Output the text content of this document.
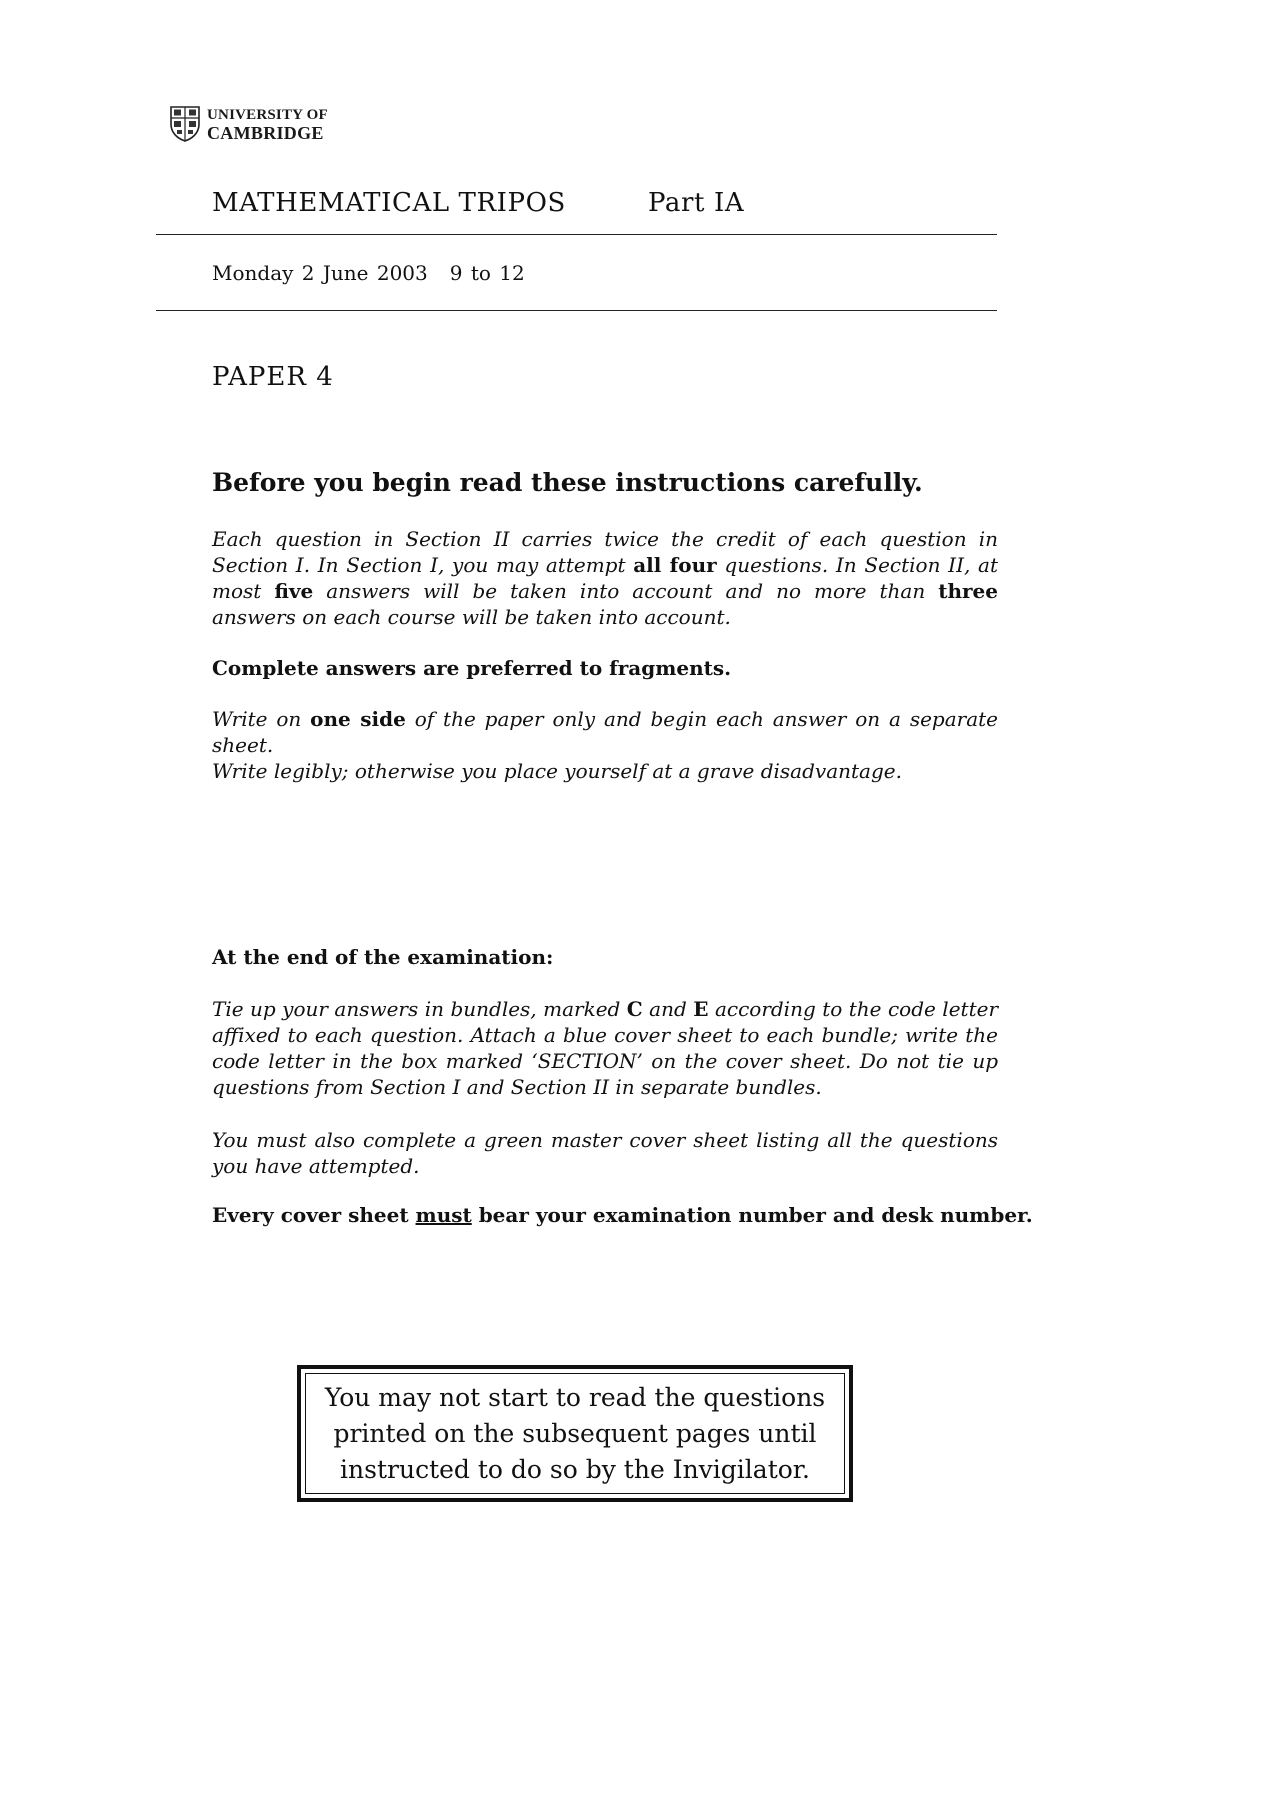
UNIVERSITY OF
CAMBRIDGE
MATHEMATICAL TRIPOS	Part IA
Monday 2 June 2003 9 to 12
PAPER 4
Before you begin read these instructions carefully.
Each question in Section II carries twice the credit of each question in Section I. In Section I, you may attempt all four questions. In Section II, at most five answers will be taken into account and no more than three answers on each course will be taken into account.
Complete answers are preferred to fragments.
Write on one side of the paper only and begin each answer on a separate sheet.
Write legibly; otherwise you place yourself at a grave disadvantage.
At the end of the examination:
Tie up your answers in bundles, marked C and E according to the code letter affixed to each question. Attach a blue cover sheet to each bundle; write the code letter in the box marked ‘SECTION’ on the cover sheet. Do not tie up questions from Section I and Section II in separate bundles.
You must also complete a green master cover sheet listing all the questions you have attempted.
Every cover sheet must bear your examination number and desk number.
You may not start to read the questions
printed on the subsequent pages until
instructed to do so by the Invigilator.
